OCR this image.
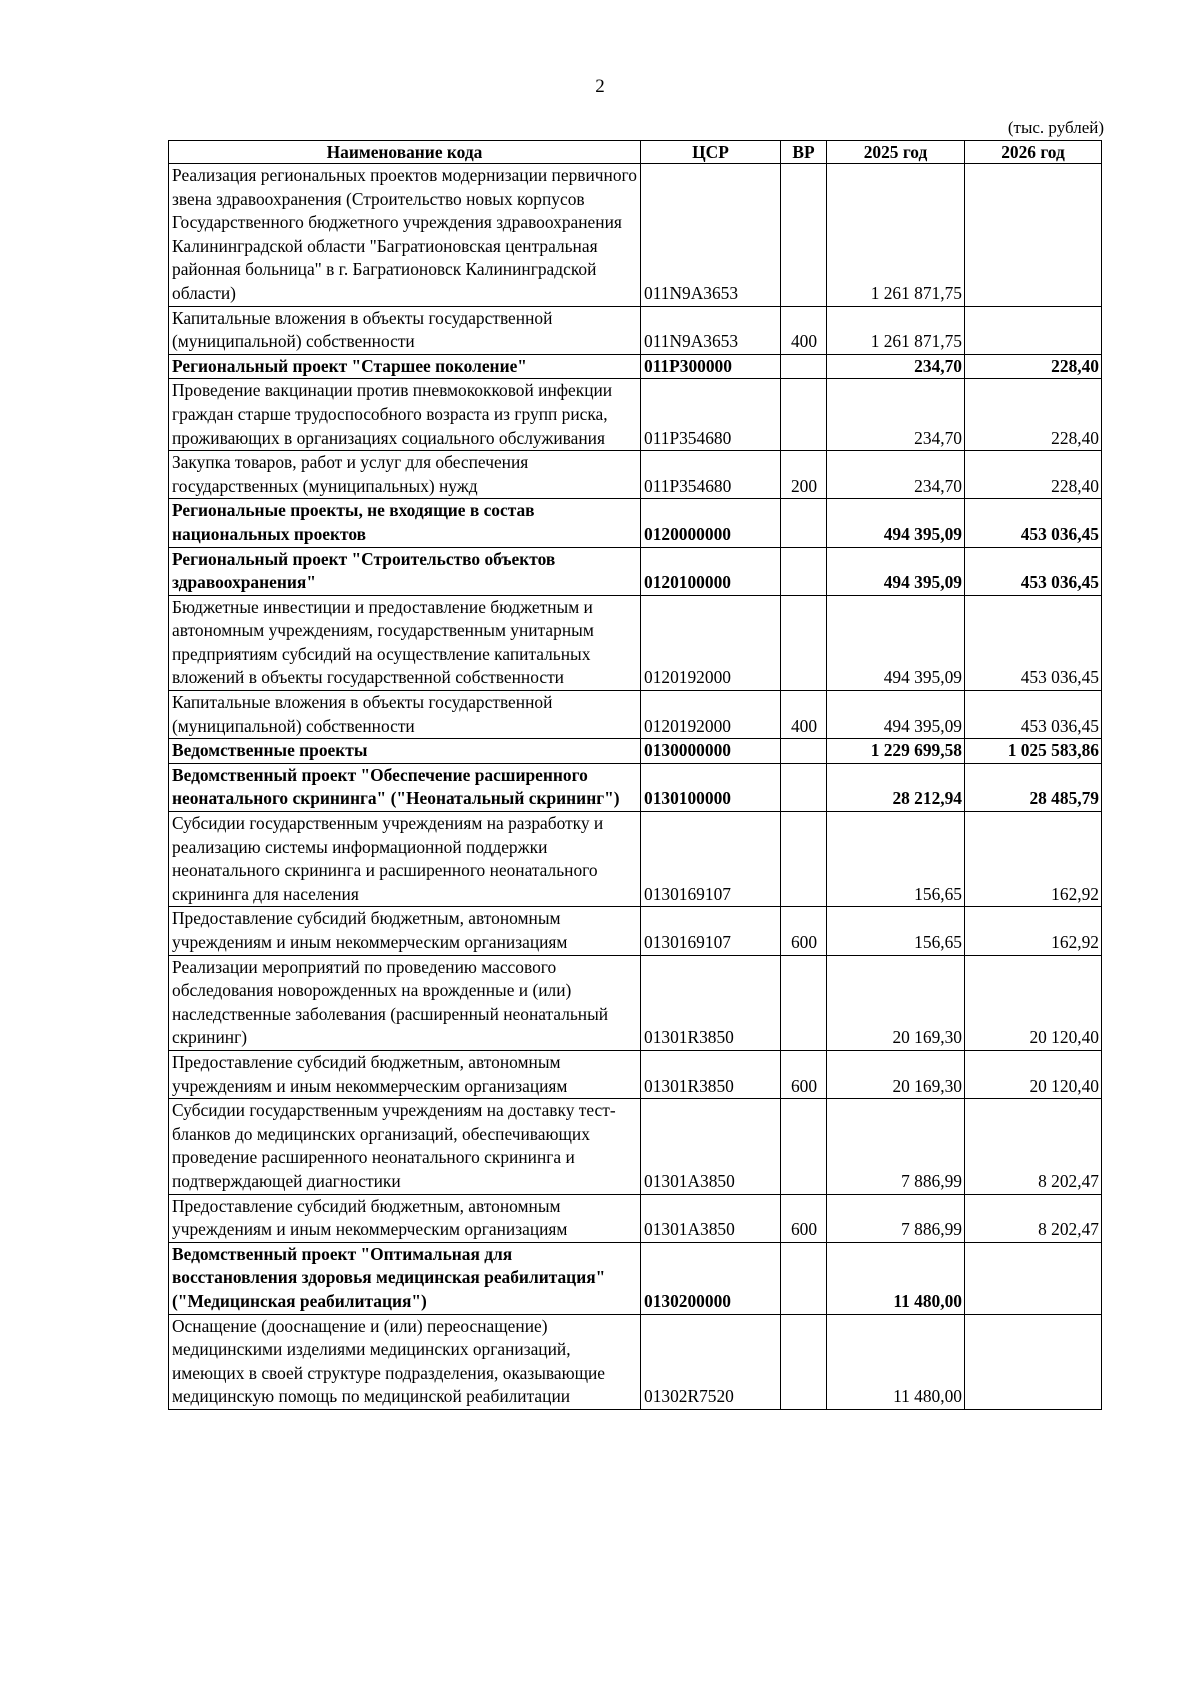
2
(тыс. рублей)
Наименование кода	ЦСР	ВР	2025 год	2026 год
Реализация региональных проектов модернизации первичного звена здравоохранения (Строительство новых корпусов Государственного бюджетного учреждения здравоохранения Калининградской области "Багратионовская центральная районная больница" в г. Багратионовск Калининградской области)	011N9A3653		1 261 871,75	
Капитальные вложения в объекты государственной (муниципальной) собственности	011N9A3653	400	1 261 871,75	
Региональный проект "Старшее поколение"	011P300000		234,70	228,40
Проведение вакцинации против пневмококковой инфекции граждан старше трудоспособного возраста из групп риска, проживающих в организациях социального обслуживания	011P354680		234,70	228,40
Закупка товаров, работ и услуг для обеспечения государственных (муниципальных) нужд	011P354680	200	234,70	228,40
Региональные проекты, не входящие в состав национальных проектов	0120000000		494 395,09	453 036,45
Региональный проект "Строительство объектов здравоохранения"	0120100000		494 395,09	453 036,45
Бюджетные инвестиции и предоставление бюджетным и автономным учреждениям, государственным унитарным предприятиям субсидий на осуществление капитальных вложений в объекты государственной собственности	0120192000		494 395,09	453 036,45
Капитальные вложения в объекты государственной (муниципальной) собственности	0120192000	400	494 395,09	453 036,45
Ведомственные проекты	0130000000		1 229 699,58	1 025 583,86
Ведомственный проект "Обеспечение расширенного неонатального скрининга" ("Неонатальный скрининг")	0130100000		28 212,94	28 485,79
Субсидии государственным учреждениям на разработку и реализацию системы информационной поддержки неонатального скрининга и расширенного неонатального скрининга для населения	0130169107		156,65	162,92
Предоставление субсидий бюджетным, автономным учреждениям и иным некоммерческим организациям	0130169107	600	156,65	162,92
Реализации мероприятий по проведению массового обследования новорожденных на врожденные и (или) наследственные заболевания (расширенный неонатальный скрининг)	01301R3850		20 169,30	20 120,40
Предоставление субсидий бюджетным, автономным учреждениям и иным некоммерческим организациям	01301R3850	600	20 169,30	20 120,40
Субсидии государственным учреждениям на доставку тест-бланков до медицинских организаций, обеспечивающих проведение расширенного неонатального скрининга и подтверждающей диагностики	01301A3850		7 886,99	8 202,47
Предоставление субсидий бюджетным, автономным учреждениям и иным некоммерческим организациям	01301A3850	600	7 886,99	8 202,47
Ведомственный проект "Оптимальная для восстановления здоровья медицинская реабилитация" ("Медицинская реабилитация")	0130200000		11 480,00	
Оснащение (дооснащение и (или) переоснащение) медицинскими изделиями медицинских организаций, имеющих в своей структуре подразделения, оказывающие медицинскую помощь по медицинской реабилитации	01302R7520		11 480,00	
